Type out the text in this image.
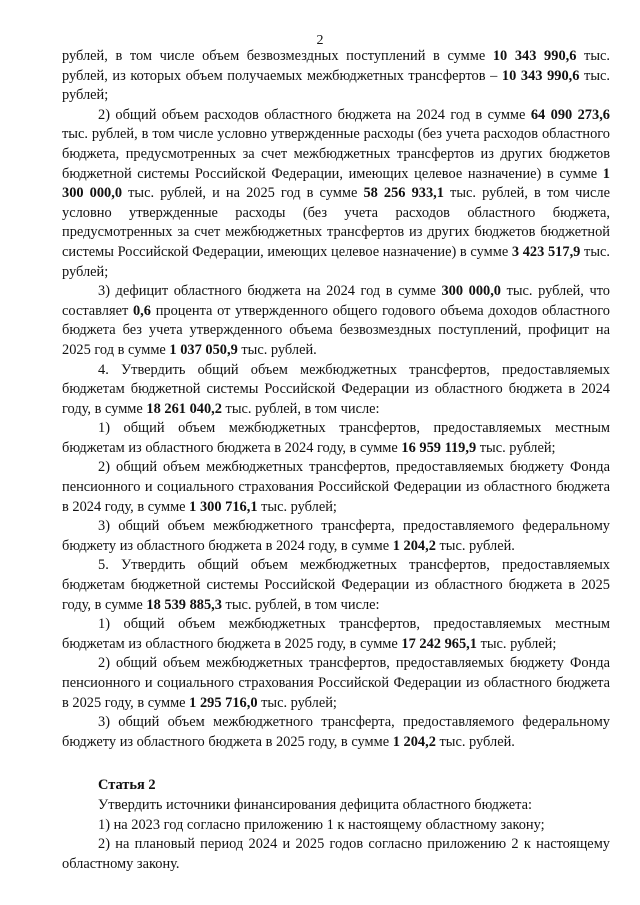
2

рублей, в том числе объем безвозмездных поступлений в сумме 10 343 990,6 тыс. рублей, из которых объем получаемых межбюджетных трансфертов – 10 343 990,6 тыс. рублей;

2) общий объем расходов областного бюджета на 2024 год в сумме 64 090 273,6 тыс. рублей, в том числе условно утвержденные расходы (без учета расходов областного бюджета, предусмотренных за счет межбюджетных трансфертов из других бюджетов бюджетной системы Российской Федерации, имеющих целевое назначение) в сумме 1 300 000,0 тыс. рублей, и на 2025 год в сумме 58 256 933,1 тыс. рублей, в том числе условно утвержденные расходы (без учета расходов областного бюджета, предусмотренных за счет межбюджетных трансфертов из других бюджетов бюджетной системы Российской Федерации, имеющих целевое назначение) в сумме 3 423 517,9 тыс. рублей;

3) дефицит областного бюджета на 2024 год в сумме 300 000,0 тыс. рублей, что составляет 0,6 процента от утвержденного общего годового объема доходов областного бюджета без учета утвержденного объема безвозмездных поступлений, профицит на 2025 год в сумме 1 037 050,9 тыс. рублей.

4. Утвердить общий объем межбюджетных трансфертов, предоставляемых бюджетам бюджетной системы Российской Федерации из областного бюджета в 2024 году, в сумме 18 261 040,2 тыс. рублей, в том числе:

1) общий объем межбюджетных трансфертов, предоставляемых местным бюджетам из областного бюджета в 2024 году, в сумме 16 959 119,9 тыс. рублей;

2) общий объем межбюджетных трансфертов, предоставляемых бюджету Фонда пенсионного и социального страхования Российской Федерации из областного бюджета в 2024 году, в сумме 1 300 716,1 тыс. рублей;

3) общий объем межбюджетного трансферта, предоставляемого федеральному бюджету из областного бюджета в 2024 году, в сумме 1 204,2 тыс. рублей.

5. Утвердить общий объем межбюджетных трансфертов, предоставляемых бюджетам бюджетной системы Российской Федерации из областного бюджета в 2025 году, в сумме 18 539 885,3 тыс. рублей, в том числе:

1) общий объем межбюджетных трансфертов, предоставляемых местным бюджетам из областного бюджета в 2025 году, в сумме 17 242 965,1 тыс. рублей;

2) общий объем межбюджетных трансфертов, предоставляемых бюджету Фонда пенсионного и социального страхования Российской Федерации из областного бюджета в 2025 году, в сумме 1 295 716,0 тыс. рублей;

3) общий объем межбюджетного трансферта, предоставляемого федеральному бюджету из областного бюджета в 2025 году, в сумме 1 204,2 тыс. рублей.

Статья 2

Утвердить источники финансирования дефицита областного бюджета:

1) на 2023 год согласно приложению 1 к настоящему областному закону;

2) на плановый период 2024 и 2025 годов согласно приложению 2 к настоящему областному закону.
